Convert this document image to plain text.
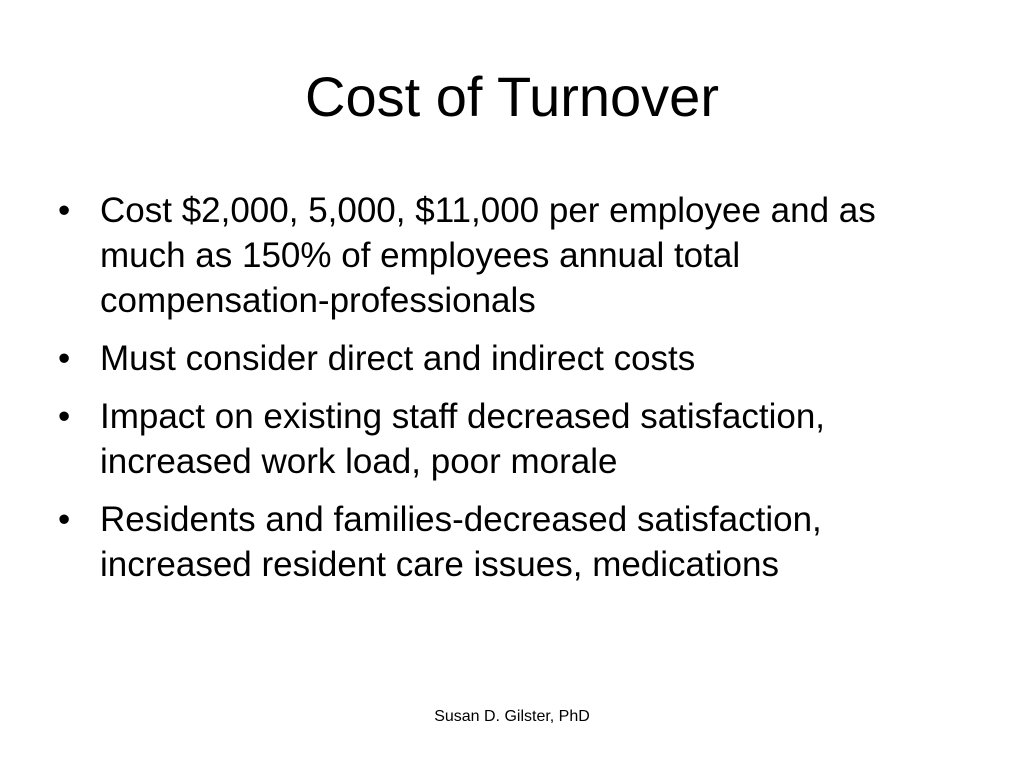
Cost of Turnover
• Cost $2,000, 5,000, $11,000 per employee and as much as 150% of employees annual total compensation-professionals
• Must consider direct and indirect costs
• Impact on existing staff decreased satisfaction, increased work load, poor morale
• Residents and families-decreased satisfaction, increased resident care issues, medications
Susan D. Gilster, PhD
